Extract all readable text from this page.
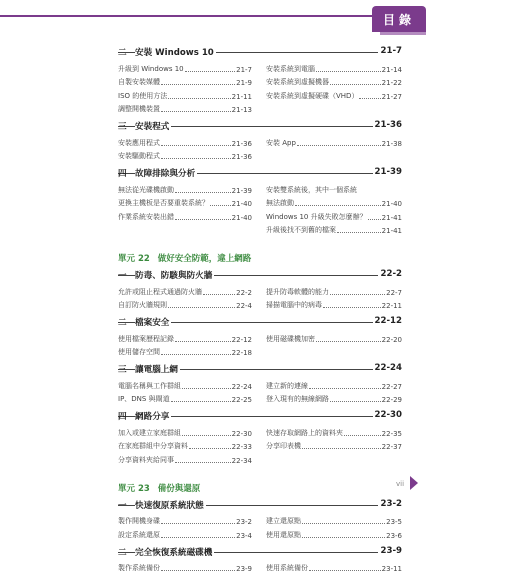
目錄
二 安裝 Windows 10	21-7
升級到 Windows 10	21-7 安裝系統到電腦	21-14
自製安裝媒體	21-9 安裝系統到虛擬機器	21-22
ISO 的使用方法	21-11 安裝系統到虛擬硬碟（VHD）	21-27
調整開機裝置	21-13
三 安裝程式	21-36
安裝應用程式	21-36 安裝 App	21-38
安裝驅動程式	21-36
四 故障排除與分析	21-39
無法從光碟機啟動	21-39 安裝雙系統後，其中一個系統
更換主機板是否要重裝系統？	21-40 無法啟動	21-40
作業系統安裝出錯	21-40 Windows 10 升級失敗怎麼辦？ 21-41
升級後找不到舊的檔案	21-41
單元 22 做好安全防範，違上網路
一 防毒、防駭與防火牆	22-2
允許或阻止程式通過防火牆	22-2 提升防毒軟體的能力	22-7
自訂防火牆規則	22-4 掃描電腦中的病毒	22-11
二 檔案安全	22-12
使用檔案歷程記錄	22-12 使用磁碟機加密	22-20
使用儲存空間	22-18
三 讓電腦上網	22-24
電腦名稱與工作群組	22-24 建立新的連線	22-27
IP、DNS 與閘道	22-25 登入現有的無線網路	22-29
四 網路分享	22-30
加入或建立家庭群組	22-30 快速存取網路上的資料夾	22-35
在家庭群組中分享資料	22-33 分享印表機	22-37
分享資料夾給同事	22-34
單元 23 備份與還原
一 快速復原系統狀態	23-2
製作開機身碟	23-2 建立還原點	23-5
設定系統還原	23-4 使用還原點	23-6
二 完全恢復系統磁碟機	23-9
製作系統備份	23-9 使用系統備份	23-11
vii
